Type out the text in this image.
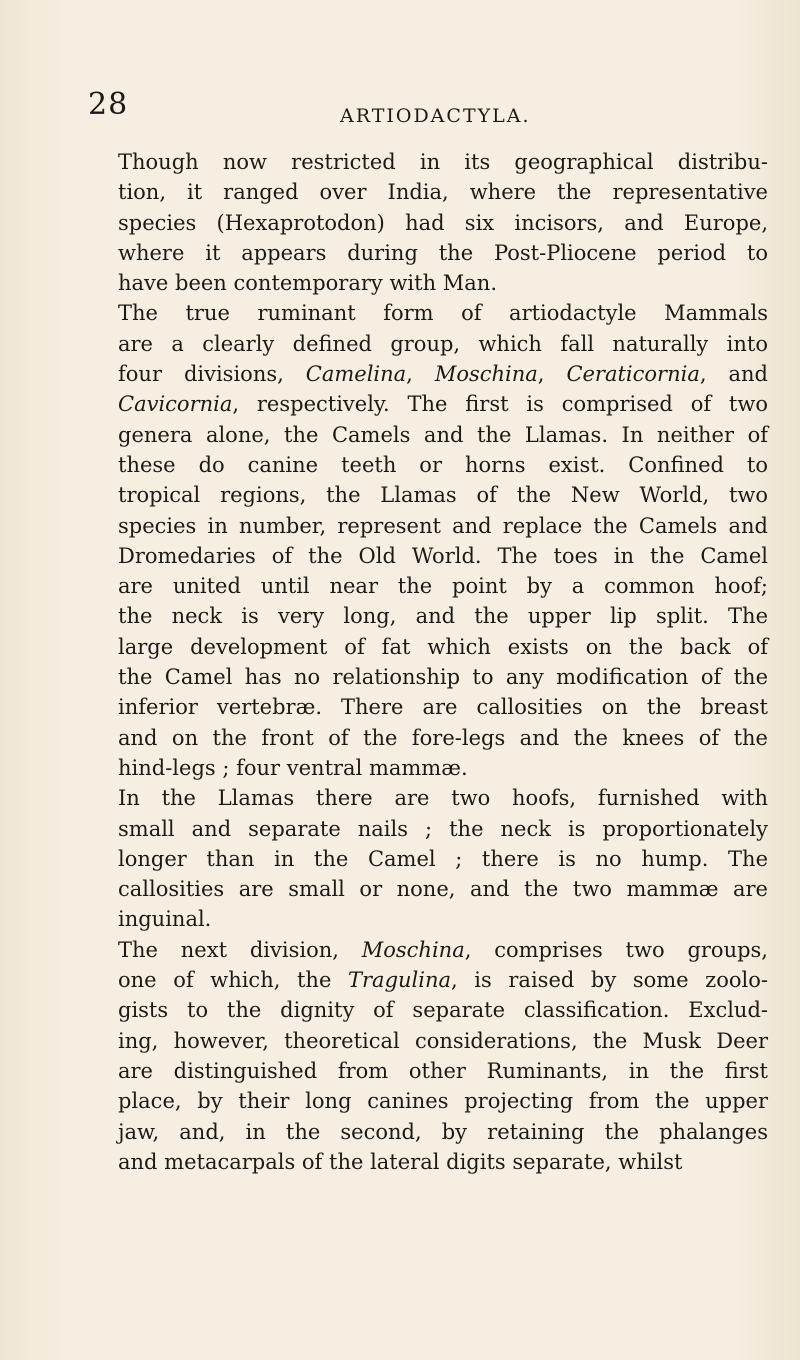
28	ARTIODACTYLA.
Though now restricted in its geographical distribu-
tion, it ranged over India, where the representative
species (Hexaprotodon) had six incisors, and Europe,
where it appears during the Post-Pliocene period to
have been contemporary with Man.
The true ruminant form of artiodactyle Mammals
are a clearly defined group, which fall naturally into
four divisions, Camelina, Moschina, Ceraticornia, and
Cavicornia, respectively. The first is comprised of two
genera alone, the Camels and the Llamas. In neither of
these do canine teeth or horns exist. Confined to
tropical regions, the Llamas of the New World, two
species in number, represent and replace the Camels and
Dromedaries of the Old World. The toes in the Camel
are united until near the point by a common hoof;
the neck is very long, and the upper lip split. The
large development of fat which exists on the back of
the Camel has no relationship to any modification of the
inferior vertebræ. There are callosities on the breast
and on the front of the fore-legs and the knees of the
hind-legs ; four ventral mammæ.
In the Llamas there are two hoofs, furnished with
small and separate nails ; the neck is proportionately
longer than in the Camel ; there is no hump. The
callosities are small or none, and the two mammæ are
inguinal.
The next division, Moschina, comprises two groups,
one of which, the Tragulina, is raised by some zoolo-
gists to the dignity of separate classification. Exclud-
ing, however, theoretical considerations, the Musk Deer
are distinguished from other Ruminants, in the first
place, by their long canines projecting from the upper
jaw, and, in the second, by retaining the phalanges
and metacarpals of the lateral digits separate, whilst
